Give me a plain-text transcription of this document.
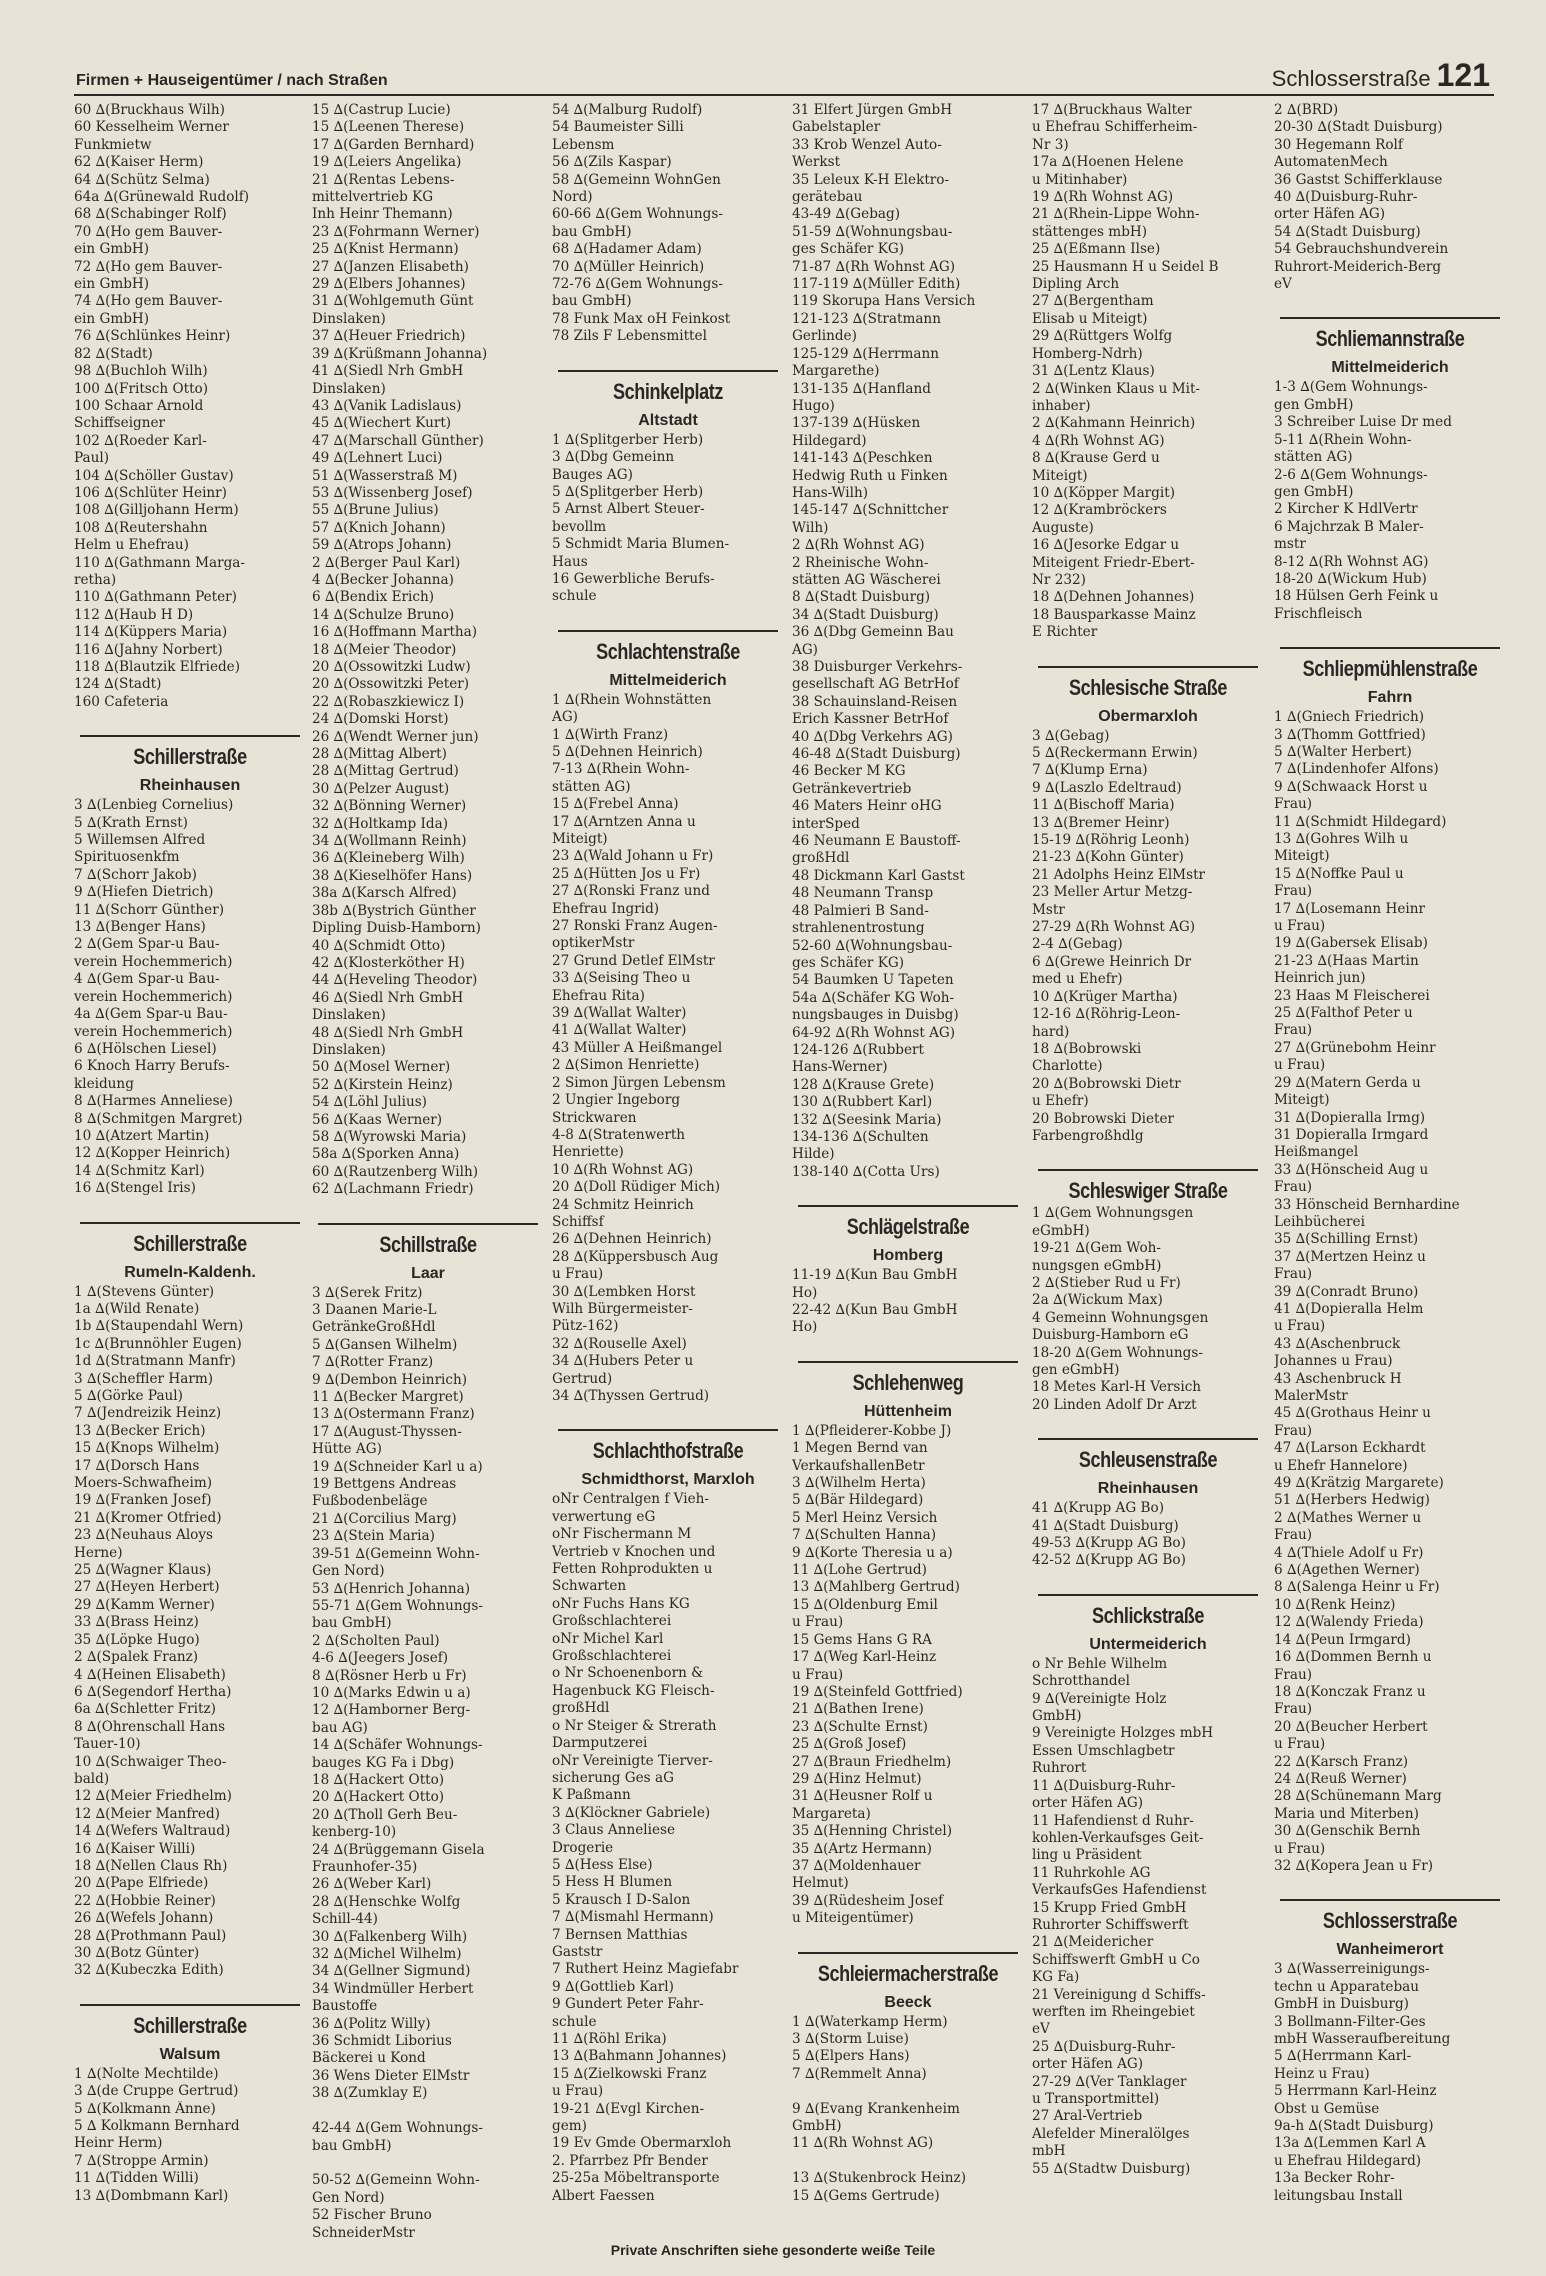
Firmen + Hauseigentümer / nach Straßen	Schlosserstraße 121
60 ∆(Bruckhaus Wilh)
60 Kesselheim Werner
Funkmietw
62 ∆(Kaiser Herm)
64 ∆(Schütz Selma)
64a ∆(Grünewald Rudolf)
68 ∆(Schabinger Rolf)
70 ∆(Ho gem Bauver-
ein GmbH)
72 ∆(Ho gem Bauver-
ein GmbH)
74 ∆(Ho gem Bauver-
ein GmbH)
76 ∆(Schlünkes Heinr)
82 ∆(Stadt)
98 ∆(Buchloh Wilh)
100 ∆(Fritsch Otto)
100 Schaar Arnold
Schiffseigner
102 ∆(Roeder Karl-
Paul)
104 ∆(Schöller Gustav)
106 ∆(Schlüter Heinr)
108 ∆(Gilljohann Herm)
108 ∆(Reutershahn
Helm u Ehefrau)
110 ∆(Gathmann Marga-
retha)
110 ∆(Gathmann Peter)
112 ∆(Haub H D)
114 ∆(Küppers Maria)
116 ∆(Jahny Norbert)
118 ∆(Blautzik Elfriede)
124 ∆(Stadt)
160 Cafeteria
Schillerstraße
Rheinhausen
3 ∆(Lenbieg Cornelius)
5 ∆(Krath Ernst)
5 Willemsen Alfred
Spirituosenkfm
7 ∆(Schorr Jakob)
9 ∆(Hiefen Dietrich)
11 ∆(Schorr Günther)
13 ∆(Benger Hans)
2 ∆(Gem Spar-u Bau-
verein Hochemmerich)
4 ∆(Gem Spar-u Bau-
verein Hochemmerich)
4a ∆(Gem Spar-u Bau-
verein Hochemmerich)
6 ∆(Hölschen Liesel)
6 Knoch Harry Berufs-
kleidung
8 ∆(Harmes Anneliese)
8 ∆(Schmitgen Margret)
10 ∆(Atzert Martin)
12 ∆(Kopper Heinrich)
14 ∆(Schmitz Karl)
16 ∆(Stengel Iris)
Schillerstraße
Rumeln-Kaldenh.
1 ∆(Stevens Günter)
1a ∆(Wild Renate)
1b ∆(Staupendahl Wern)
1c ∆(Brunnöhler Eugen)
1d ∆(Stratmann Manfr)
3 ∆(Scheffler Harm)
5 ∆(Görke Paul)
7 ∆(Jendreizik Heinz)
13 ∆(Becker Erich)
15 ∆(Knops Wilhelm)
17 ∆(Dorsch Hans
Moers-Schwafheim)
19 ∆(Franken Josef)
21 ∆(Kromer Otfried)
23 ∆(Neuhaus Aloys
Herne)
25 ∆(Wagner Klaus)
27 ∆(Heyen Herbert)
29 ∆(Kamm Werner)
33 ∆(Brass Heinz)
35 ∆(Löpke Hugo)
2 ∆(Spalek Franz)
4 ∆(Heinen Elisabeth)
6 ∆(Segendorf Hertha)
6a ∆(Schletter Fritz)
8 ∆(Ohrenschall Hans
Tauer-10)
10 ∆(Schwaiger Theo-
bald)
12 ∆(Meier Friedhelm)
12 ∆(Meier Manfred)
14 ∆(Wefers Waltraud)
16 ∆(Kaiser Willi)
18 ∆(Nellen Claus Rh)
20 ∆(Pape Elfriede)
22 ∆(Hobbie Reiner)
26 ∆(Wefels Johann)
28 ∆(Prothmann Paul)
30 ∆(Botz Günter)
32 ∆(Kubeczka Edith)
Schillerstraße
Walsum
1 ∆(Nolte Mechtilde)
3 ∆(de Cruppe Gertrud)
5 ∆(Kolkmann Änne)
5 ∆ Kolkmann Bernhard
Heinr Herm)
7 ∆(Stroppe Armin)
11 ∆(Tidden Willi)
13 ∆(Dombmann Karl)
15 ∆(Castrup Lucie)
15 ∆(Leenen Therese)
17 ∆(Garden Bernhard)
19 ∆(Leiers Angelika)
21 ∆(Rentas Lebens-
mittelvertrieb KG
Inh Heinr Themann)
23 ∆(Fohrmann Werner)
25 ∆(Knist Hermann)
27 ∆(Janzen Elisabeth)
29 ∆(Elbers Johannes)
31 ∆(Wohlgemuth Günt
Dinslaken)
37 ∆(Heuer Friedrich)
39 ∆(Krüßmann Johanna)
41 ∆(Siedl Nrh GmbH
Dinslaken)
43 ∆(Vanik Ladislaus)
45 ∆(Wiechert Kurt)
47 ∆(Marschall Günther)
49 ∆(Lehnert Luci)
51 ∆(Wasserstraß M)
53 ∆(Wissenberg Josef)
55 ∆(Brune Julius)
57 ∆(Knich Johann)
59 ∆(Atrops Johann)
2 ∆(Berger Paul Karl)
4 ∆(Becker Johanna)
6 ∆(Bendix Erich)
14 ∆(Schulze Bruno)
16 ∆(Hoffmann Martha)
18 ∆(Meier Theodor)
20 ∆(Ossowitzki Ludw)
20 ∆(Ossowitzki Peter)
22 ∆(Robaszkiewicz I)
24 ∆(Domski Horst)
26 ∆(Wendt Werner jun)
28 ∆(Mittag Albert)
28 ∆(Mittag Gertrud)
30 ∆(Pelzer August)
32 ∆(Bönning Werner)
32 ∆(Holtkamp Ida)
34 ∆(Wollmann Reinh)
36 ∆(Kleineberg Wilh)
38 ∆(Kieselhöfer Hans)
38a ∆(Karsch Alfred)
38b ∆(Bystrich Günther
Dipling Duisb-Hamborn)
40 ∆(Schmidt Otto)
42 ∆(Klosterköther H)
44 ∆(Heveling Theodor)
46 ∆(Siedl Nrh GmbH
Dinslaken)
48 ∆(Siedl Nrh GmbH
Dinslaken)
50 ∆(Mosel Werner)
52 ∆(Kirstein Heinz)
54 ∆(Löhl Julius)
56 ∆(Kaas Werner)
58 ∆(Wyrowski Maria)
58a ∆(Sporken Anna)
60 ∆(Rautzenberg Wilh)
62 ∆(Lachmann Friedr)
Schillstraße
Laar
3 ∆(Serek Fritz)
3 Daanen Marie-L
GetränkeGroßHdl
5 ∆(Gansen Wilhelm)
7 ∆(Rotter Franz)
9 ∆(Dembon Heinrich)
11 ∆(Becker Margret)
13 ∆(Ostermann Franz)
17 ∆(August-Thyssen-
Hütte AG)
19 ∆(Schneider Karl u a)
19 Bettgens Andreas
Fußbodenbeläge
21 ∆(Corcilius Marg)
23 ∆(Stein Maria)
39-51 ∆(Gemeinn Wohn-
Gen Nord)
53 ∆(Henrich Johanna)
55-71 ∆(Gem Wohnungs-
bau GmbH)
2 ∆(Scholten Paul)
4-6 ∆(Jeegers Josef)
8 ∆(Rösner Herb u Fr)
10 ∆(Marks Edwin u a)
12 ∆(Hamborner Berg-
bau AG)
14 ∆(Schäfer Wohnungs-
bauges KG Fa i Dbg)
18 ∆(Hackert Otto)
20 ∆(Hackert Otto)
20 ∆(Tholl Gerh Beu-
kenberg-10)
24 ∆(Brüggemann Gisela
Fraunhofer-35)
26 ∆(Weber Karl)
28 ∆(Henschke Wolfg
Schill-44)
30 ∆(Falkenberg Wilh)
32 ∆(Michel Wilhelm)
34 ∆(Gellner Sigmund)
34 Windmüller Herbert
Baustoffe
36 ∆(Politz Willy)
36 Schmidt Liborius
Bäckerei u Kond
36 Wens Dieter ElMstr
38 ∆(Zumklay E)

42-44 ∆(Gem Wohnungs-
bau GmbH)

50-52 ∆(Gemeinn Wohn-
Gen Nord)
52 Fischer Bruno
SchneiderMstr
54 ∆(Malburg Rudolf)
54 Baumeister Silli
Lebensm
56 ∆(Zils Kaspar)
58 ∆(Gemeinn WohnGen
Nord)
60-66 ∆(Gem Wohnungs-
bau GmbH)
68 ∆(Hadamer Adam)
70 ∆(Müller Heinrich)
72-76 ∆(Gem Wohnungs-
bau GmbH)
78 Funk Max oH Feinkost
78 Zils F Lebensmittel
Schinkelplatz
Altstadt
1 ∆(Splitgerber Herb)
3 ∆(Dbg Gemeinn
Bauges AG)
5 ∆(Splitgerber Herb)
5 Arnst Albert Steuer-
bevollm
5 Schmidt Maria Blumen-
Haus
16 Gewerbliche Berufs-
schule
Schlachtenstraße
Mittelmeiderich
1 ∆(Rhein Wohnstätten
AG)
1 ∆(Wirth Franz)
5 ∆(Dehnen Heinrich)
7-13 ∆(Rhein Wohn-
stätten AG)
15 ∆(Frebel Anna)
17 ∆(Arntzen Anna u
Miteigt)
23 ∆(Wald Johann u Fr)
25 ∆(Hütten Jos u Fr)
27 ∆(Ronski Franz und
Ehefrau Ingrid)
27 Ronski Franz Augen-
optikerMstr
27 Grund Detlef ElMstr
33 ∆(Seising Theo u
Ehefrau Rita)
39 ∆(Wallat Walter)
41 ∆(Wallat Walter)
43 Müller A Heißmangel
2 ∆(Simon Henriette)
2 Simon Jürgen Lebensm
2 Ungier Ingeborg
Strickwaren
4-8 ∆(Stratenwerth
Henriette)
10 ∆(Rh Wohnst AG)
20 ∆(Doll Rüdiger Mich)
24 Schmitz Heinrich
Schiffsf
26 ∆(Dehnen Heinrich)
28 ∆(Küppersbusch Aug
u Frau)
30 ∆(Lembken Horst
Wilh Bürgermeister-
Pütz-162)
32 ∆(Rouselle Axel)
34 ∆(Hubers Peter u
Gertrud)
34 ∆(Thyssen Gertrud)
Schlachthofstraße
Schmidthorst, Marxloh
oNr Centralgen f Vieh-
verwertung eG
oNr Fischermann M
Vertrieb v Knochen und
Fetten Rohprodukten u
Schwarten
oNr Fuchs Hans KG
Großschlachterei
oNr Michel Karl
Großschlachterei
o Nr Schoenenborn &
Hagenbuck KG Fleisch-
großHdl
o Nr Steiger & Strerath
Darmputzerei
oNr Vereinigte Tierver-
sicherung Ges aG
K Paßmann
3 ∆(Klöckner Gabriele)
3 Claus Anneliese
Drogerie
5 ∆(Hess Else)
5 Hess H Blumen
5 Krausch I D-Salon
7 ∆(Mismahl Hermann)
7 Bernsen Matthias
Gaststr
7 Ruthert Heinz Magiefabr
9 ∆(Gottlieb Karl)
9 Gundert Peter Fahr-
schule
11 ∆(Röhl Erika)
13 ∆(Bahmann Johannes)
15 ∆(Zielkowski Franz
u Frau)
19-21 ∆(Evgl Kirchen-
gem)
19 Ev Gmde Obermarxloh
2. Pfarrbez Pfr Bender
25-25a Möbeltransporte
Albert Faessen
31 Elfert Jürgen GmbH
Gabelstapler
33 Krob Wenzel Auto-
Werkst
35 Leleux K-H Elektro-
gerätebau
43-49 ∆(Gebag)
51-59 ∆(Wohnungsbau-
ges Schäfer KG)
71-87 ∆(Rh Wohnst AG)
117-119 ∆(Müller Edith)
119 Skorupa Hans Versich
121-123 ∆(Stratmann
Gerlinde)
125-129 ∆(Herrmann
Margarethe)
131-135 ∆(Hanfland
Hugo)
137-139 ∆(Hüsken
Hildegard)
141-143 ∆(Peschken
Hedwig Ruth u Finken
Hans-Wilh)
145-147 ∆(Schnittcher
Wilh)
2 ∆(Rh Wohnst AG)
2 Rheinische Wohn-
stätten AG Wäscherei
8 ∆(Stadt Duisburg)
34 ∆(Stadt Duisburg)
36 ∆(Dbg Gemeinn Bau
AG)
38 Duisburger Verkehrs-
gesellschaft AG BetrHof
38 Schauinsland-Reisen
Erich Kassner BetrHof
40 ∆(Dbg Verkehrs AG)
46-48 ∆(Stadt Duisburg)
46 Becker M KG
Getränkevertrieb
46 Maters Heinr oHG
interSped
46 Neumann E Baustoff-
großHdl
48 Dickmann Karl Gastst
48 Neumann Transp
48 Palmieri B Sand-
strahlenentrostung
52-60 ∆(Wohnungsbau-
ges Schäfer KG)
54 Baumken U Tapeten
54a ∆(Schäfer KG Woh-
nungsbauges in Duisbg)
64-92 ∆(Rh Wohnst AG)
124-126 ∆(Rubbert
Hans-Werner)
128 ∆(Krause Grete)
130 ∆(Rubbert Karl)
132 ∆(Seesink Maria)
134-136 ∆(Schulten
Hilde)
138-140 ∆(Cotta Urs)
Schlägelstraße
Homberg
11-19 ∆(Kun Bau GmbH
Ho)
22-42 ∆(Kun Bau GmbH
Ho)
Schlehenweg
Hüttenheim
1 ∆(Pfleiderer-Kobbe J)
1 Megen Bernd van
VerkaufshallenBetr
3 ∆(Wilhelm Herta)
5 ∆(Bär Hildegard)
5 Merl Heinz Versich
7 ∆(Schulten Hanna)
9 ∆(Korte Theresia u a)
11 ∆(Lohe Gertrud)
13 ∆(Mahlberg Gertrud)
15 ∆(Oldenburg Emil
u Frau)
15 Gems Hans G RA
17 ∆(Weg Karl-Heinz
u Frau)
19 ∆(Steinfeld Gottfried)
21 ∆(Bathen Irene)
23 ∆(Schulte Ernst)
25 ∆(Groß Josef)
27 ∆(Braun Friedhelm)
29 ∆(Hinz Helmut)
31 ∆(Heusner Rolf u
Margareta)
35 ∆(Henning Christel)
35 ∆(Artz Hermann)
37 ∆(Moldenhauer
Helmut)
39 ∆(Rüdesheim Josef
u Miteigentümer)
Schleiermacherstraße
Beeck
1 ∆(Waterkamp Herm)
3 ∆(Storm Luise)
5 ∆(Elpers Hans)
7 ∆(Remmelt Anna)

9 ∆(Evang Krankenheim
GmbH)
11 ∆(Rh Wohnst AG)

13 ∆(Stukenbrock Heinz)
15 ∆(Gems Gertrude)
17 ∆(Bruckhaus Walter
u Ehefrau Schifferheim-
Nr 3)
17a ∆(Hoenen Helene
u Mitinhaber)
19 ∆(Rh Wohnst AG)
21 ∆(Rhein-Lippe Wohn-
stättenges mbH)
25 ∆(Eßmann Ilse)
25 Hausmann H u Seidel B
Dipling Arch
27 ∆(Bergentham
Elisab u Miteigt)
29 ∆(Rüttgers Wolfg
Homberg-Ndrh)
31 ∆(Lentz Klaus)
2 ∆(Winken Klaus u Mit-
inhaber)
2 ∆(Kahmann Heinrich)
4 ∆(Rh Wohnst AG)
8 ∆(Krause Gerd u
Miteigt)
10 ∆(Köpper Margit)
12 ∆(Krambröckers
Auguste)
16 ∆(Jesorke Edgar u
Miteigent Friedr-Ebert-
Nr 232)
18 ∆(Dehnen Johannes)
18 Bausparkasse Mainz
E Richter
Schlesische Straße
Obermarxloh
3 ∆(Gebag)
5 ∆(Reckermann Erwin)
7 ∆(Klump Erna)
9 ∆(Laszlo Edeltraud)
11 ∆(Bischoff Maria)
13 ∆(Bremer Heinr)
15-19 ∆(Röhrig Leonh)
21-23 ∆(Kohn Günter)
21 Adolphs Heinz ElMstr
23 Meller Artur Metzg-
Mstr
27-29 ∆(Rh Wohnst AG)
2-4 ∆(Gebag)
6 ∆(Grewe Heinrich Dr
med u Ehefr)
10 ∆(Krüger Martha)
12-16 ∆(Röhrig-Leon-
hard)
18 ∆(Bobrowski
Charlotte)
20 ∆(Bobrowski Dietr
u Ehefr)
20 Bobrowski Dieter
Farbengroßhdlg
Schleswiger Straße
1 ∆(Gem Wohnungsgen
eGmbH)
19-21 ∆(Gem Woh-
nungsgen eGmbH)
2 ∆(Stieber Rud u Fr)
2a ∆(Wickum Max)
4 Gemeinn Wohnungsgen
Duisburg-Hamborn eG
18-20 ∆(Gem Wohnungs-
gen eGmbH)
18 Metes Karl-H Versich
20 Linden Adolf Dr Arzt
Schleusenstraße
Rheinhausen
41 ∆(Krupp AG Bo)
41 ∆(Stadt Duisburg)
49-53 ∆(Krupp AG Bo)
42-52 ∆(Krupp AG Bo)
Schlickstraße
Untermeiderich
o Nr Behle Wilhelm
Schrotthandel
9 ∆(Vereinigte Holz
GmbH)
9 Vereinigte Holzges mbH
Essen Umschlagbetr
Ruhrort
11 ∆(Duisburg-Ruhr-
orter Häfen AG)
11 Hafendienst d Ruhr-
kohlen-Verkaufsges Geit-
ling u Präsident
11 Ruhrkohle AG
VerkaufsGes Hafendienst
15 Krupp Fried GmbH
Ruhrorter Schiffswerft
21 ∆(Meidericher
Schiffswerft GmbH u Co
KG Fa)
21 Vereinigung d Schiffs-
werften im Rheingebiet
eV
25 ∆(Duisburg-Ruhr-
orter Häfen AG)
27-29 ∆(Ver Tanklager
u Transportmittel)
27 Aral-Vertrieb
Alefelder Mineralölges
mbH
55 ∆(Stadtw Duisburg)
2 ∆(BRD)
20-30 ∆(Stadt Duisburg)
30 Hegemann Rolf
AutomatenMech
36 Gastst Schifferklause
40 ∆(Duisburg-Ruhr-
orter Häfen AG)
54 ∆(Stadt Duisburg)
54 Gebrauchshundverein
Ruhrort-Meiderich-Berg
eV
Schliemannstraße
Mittelmeiderich
1-3 ∆(Gem Wohnungs-
gen GmbH)
3 Schreiber Luise Dr med
5-11 ∆(Rhein Wohn-
stätten AG)
2-6 ∆(Gem Wohnungs-
gen GmbH)
2 Kircher K HdlVertr
6 Majchrzak B Maler-
mstr
8-12 ∆(Rh Wohnst AG)
18-20 ∆(Wickum Hub)
18 Hülsen Gerh Feink u
Frischfleisch
Schliepmühlenstraße
Fahrn
1 ∆(Gniech Friedrich)
3 ∆(Thomm Gottfried)
5 ∆(Walter Herbert)
7 ∆(Lindenhofer Alfons)
9 ∆(Schwaack Horst u
Frau)
11 ∆(Schmidt Hildegard)
13 ∆(Gohres Wilh u
Miteigt)
15 ∆(Noffke Paul u
Frau)
17 ∆(Losemann Heinr
u Frau)
19 ∆(Gabersek Elisab)
21-23 ∆(Haas Martin
Heinrich jun)
23 Haas M Fleischerei
25 ∆(Falthof Peter u
Frau)
27 ∆(Grünebohm Heinr
u Frau)
29 ∆(Matern Gerda u
Miteigt)
31 ∆(Dopieralla Irmg)
31 Dopieralla Irmgard
Heißmangel
33 ∆(Hönscheid Aug u
Frau)
33 Hönscheid Bernhardine
Leihbücherei
35 ∆(Schilling Ernst)
37 ∆(Mertzen Heinz u
Frau)
39 ∆(Conradt Bruno)
41 ∆(Dopieralla Helm
u Frau)
43 ∆(Aschenbruck
Johannes u Frau)
43 Aschenbruck H
MalerMstr
45 ∆(Grothaus Heinr u
Frau)
47 ∆(Larson Eckhardt
u Ehefr Hannelore)
49 ∆(Krätzig Margarete)
51 ∆(Herbers Hedwig)
2 ∆(Mathes Werner u
Frau)
4 ∆(Thiele Adolf u Fr)
6 ∆(Agethen Werner)
8 ∆(Salenga Heinr u Fr)
10 ∆(Renk Heinz)
12 ∆(Walendy Frieda)
14 ∆(Peun Irmgard)
16 ∆(Dommen Bernh u
Frau)
18 ∆(Konczak Franz u
Frau)
20 ∆(Beucher Herbert
u Frau)
22 ∆(Karsch Franz)
24 ∆(Reuß Werner)
28 ∆(Schünemann Marg
Maria und Miterben)
30 ∆(Genschik Bernh
u Frau)
32 ∆(Kopera Jean u Fr)
Schlosserstraße
Wanheimerort
3 ∆(Wasserreinigungs-
techn u Apparatebau
GmbH in Duisburg)
3 Bollmann-Filter-Ges
mbH Wasseraufbereitung
5 ∆(Herrmann Karl-
Heinz u Frau)
5 Herrmann Karl-Heinz
Obst u Gemüse
9a-h ∆(Stadt Duisburg)
13a ∆(Lemmen Karl A
u Ehefrau Hildegard)
13a Becker Rohr-
leitungsbau Install
Private Anschriften siehe gesonderte weiße Teile
